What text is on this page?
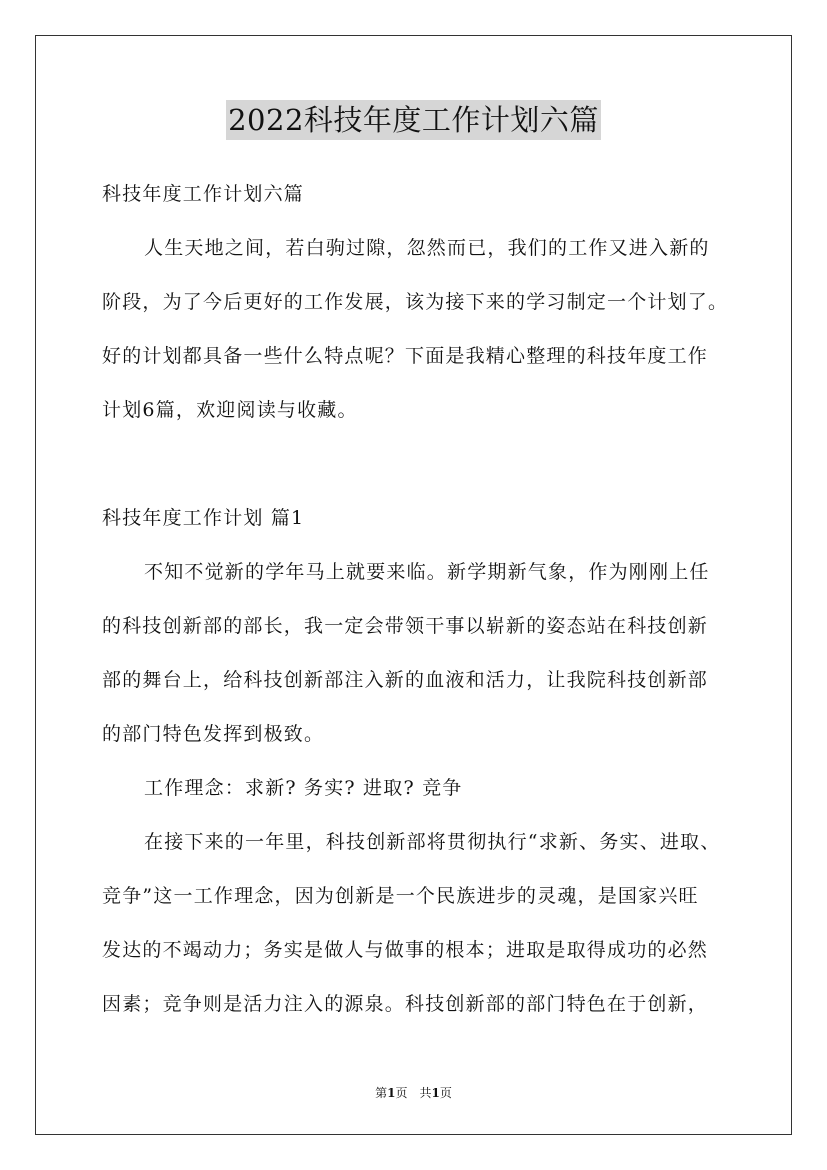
2022科技年度工作计划六篇
科技年度工作计划六篇
人生天地之间，若白驹过隙，忽然而已，我们的工作又进入新的
阶段，为了今后更好的工作发展，该为接下来的学习制定一个计划了。
好的计划都具备一些什么特点呢？下面是我精心整理的科技年度工作
计划6篇，欢迎阅读与收藏。
科技年度工作计划 篇1
不知不觉新的学年马上就要来临。新学期新气象，作为刚刚上任
的科技创新部的部长，我一定会带领干事以崭新的姿态站在科技创新
部的舞台上，给科技创新部注入新的血液和活力，让我院科技创新部
的部门特色发挥到极致。
工作理念：求新? 务实? 进取? 竞争
在接下来的一年里，科技创新部将贯彻执行“求新、务实、进取、
竞争”这一工作理念，因为创新是一个民族进步的灵魂，是国家兴旺
发达的不竭动力；务实是做人与做事的根本；进取是取得成功的必然
因素；竞争则是活力注入的源泉。科技创新部的部门特色在于创新，
第1页　共1页
